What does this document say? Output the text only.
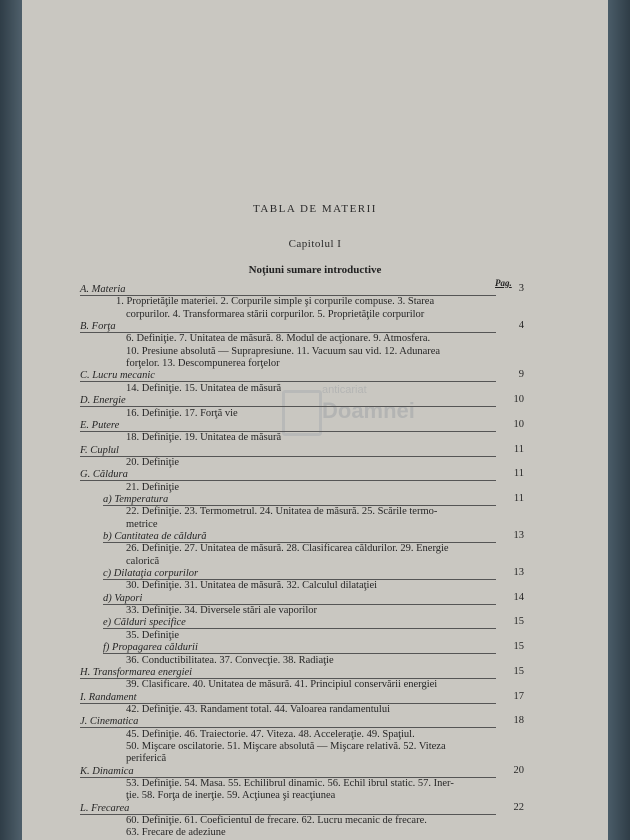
TABLA DE MATERII
Capitolul I
Noţiuni sumare introductive
Pag.
anticariat
Doamnei
A. Materia	3
1. Proprietăţile materiei. 2. Corpurile simple şi corpurile compuse. 3. Starea
corpurilor. 4. Transformarea stării corpurilor. 5. Proprietăţile corpurilor
B. Forţa	4
6. Definiţie. 7. Unitatea de măsură. 8. Modul de acţionare. 9. Atmosfera.
10. Presiune absolută — Suprapresiune. 11. Vacuum sau vid. 12. Adunarea
forţelor. 13. Descompunerea forţelor
C. Lucru mecanic	9
14. Definiţie. 15. Unitatea de măsură
D. Energie	10
16. Definiţie. 17. Forţă vie
E. Putere	10
18. Definiţie. 19. Unitatea de măsură
F. Cuplul	11
20. Definiţie
G. Căldura	11
21. Definiţie
a) Temperatura	11
22. Definiţie. 23. Termometrul. 24. Unitatea de măsură. 25. Scările termo-
metrice
b) Cantitatea de căldură	13
26. Definiţie. 27. Unitatea de măsură. 28. Clasificarea căldurilor. 29. Energie
calorică
c) Dilataţia corpurilor	13
30. Definiţie. 31. Unitatea de măsură. 32. Calculul dilataţiei
d) Vapori	14
33. Definiţie. 34. Diversele stări ale vaporilor
e) Călduri specifice	15
35. Definiţie
f) Propagarea căldurii	15
36. Conductibilitatea. 37. Convecţie. 38. Radiaţie
H. Transformarea energiei	15
39. Clasificare. 40. Unitatea de măsură. 41. Principiul conservării energiei
I. Randament	17
42. Definiţie. 43. Randament total. 44. Valoarea randamentului
J. Cinematica	18
45. Definiţie. 46. Traiectorie. 47. Viteza. 48. Acceleraţie. 49. Spaţiul.
50. Mişcare oscilatorie. 51. Mişcare absolută — Mişcare relativă. 52. Viteza
periferică
K. Dinamica	20
53. Definiţie. 54. Masa. 55. Echilibrul dinamic. 56. Echil ibrul static. 57. Iner-
ţie. 58. Forţa de inerţie. 59. Acţiunea şi reacţiunea
L. Frecarea	22
60. Definiţie. 61. Coeficientul de frecare. 62. Lucru mecanic de frecare.
63. Frecare de adeziune
